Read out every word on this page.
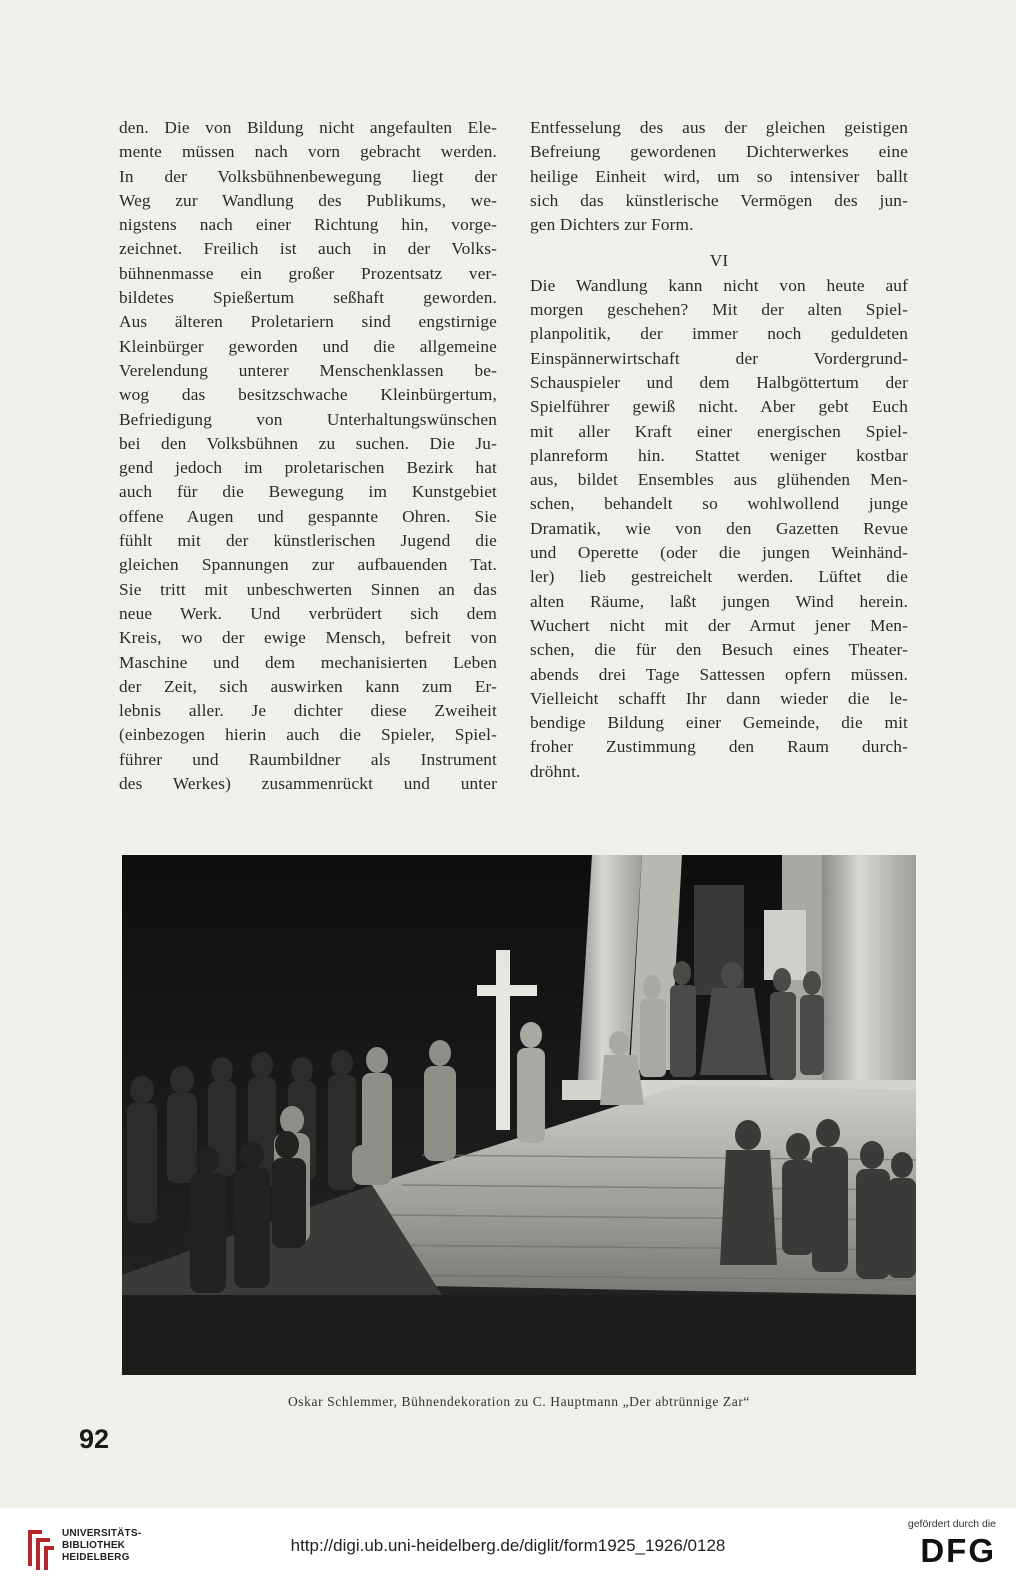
den. Die von Bildung nicht angefaulten Ele-
mente müssen nach vorn gebracht werden.
In der Volksbühnenbewegung liegt der
Weg zur Wandlung des Publikums, we-
nigstens nach einer Richtung hin, vorge-
zeichnet. Freilich ist auch in der Volks-
bühnenmasse ein großer Prozentsatz ver-
bildetes Spießertum seßhaft geworden.
Aus älteren Proletariern sind engstirnige
Kleinbürger geworden und die allgemeine
Verelendung unterer Menschenklassen be-
wog das besitzschwache Kleinbürgertum,
Befriedigung von Unterhaltungswünschen
bei den Volksbühnen zu suchen. Die Ju-
gend jedoch im proletarischen Bezirk hat
auch für die Bewegung im Kunstgebiet
offene Augen und gespannte Ohren. Sie
fühlt mit der künstlerischen Jugend die
gleichen Spannungen zur aufbauenden Tat.
Sie tritt mit unbeschwerten Sinnen an das
neue Werk. Und verbrüdert sich dem
Kreis, wo der ewige Mensch, befreit von
Maschine und dem mechanisierten Leben
der Zeit, sich auswirken kann zum Er-
lebnis aller. Je dichter diese Zweiheit
(einbezogen hierin auch die Spieler, Spiel-
führer und Raumbildner als Instrument
des Werkes) zusammenrückt und unter
Entfesselung des aus der gleichen geistigen
Befreiung gewordenen Dichterwerkes eine
heilige Einheit wird, um so intensiver ballt
sich das künstlerische Vermögen des jun-
gen Dichters zur Form.
VI
Die Wandlung kann nicht von heute auf
morgen geschehen? Mit der alten Spiel-
planpolitik, der immer noch geduldeten
Einspännerwirtschaft der Vordergrund-
Schauspieler und dem Halbgöttertum der
Spielführer gewiß nicht. Aber gebt Euch
mit aller Kraft einer energischen Spiel-
planreform hin. Stattet weniger kostbar
aus, bildet Ensembles aus glühenden Men-
schen, behandelt so wohlwollend junge
Dramatik, wie von den Gazetten Revue
und Operette (oder die jungen Weinhänd-
ler) lieb gestreichelt werden. Lüftet die
alten Räume, laßt jungen Wind herein.
Wuchert nicht mit der Armut jener Men-
schen, die für den Besuch eines Theater-
abends drei Tage Sattessen opfern müssen.
Vielleicht schafft Ihr dann wieder die le-
bendige Bildung einer Gemeinde, die mit
froher Zustimmung den Raum durch-
dröhnt.
Oskar Schlemmer, Bühnendekoration zu C. Hauptmann „Der abtrünnige Zar“
92
UNIVERSITÄTS-
BIBLIOTHEK
HEIDELBERG
http://digi.ub.uni-heidelberg.de/diglit/form1925_1926/0128
gefördert durch die
DFG
